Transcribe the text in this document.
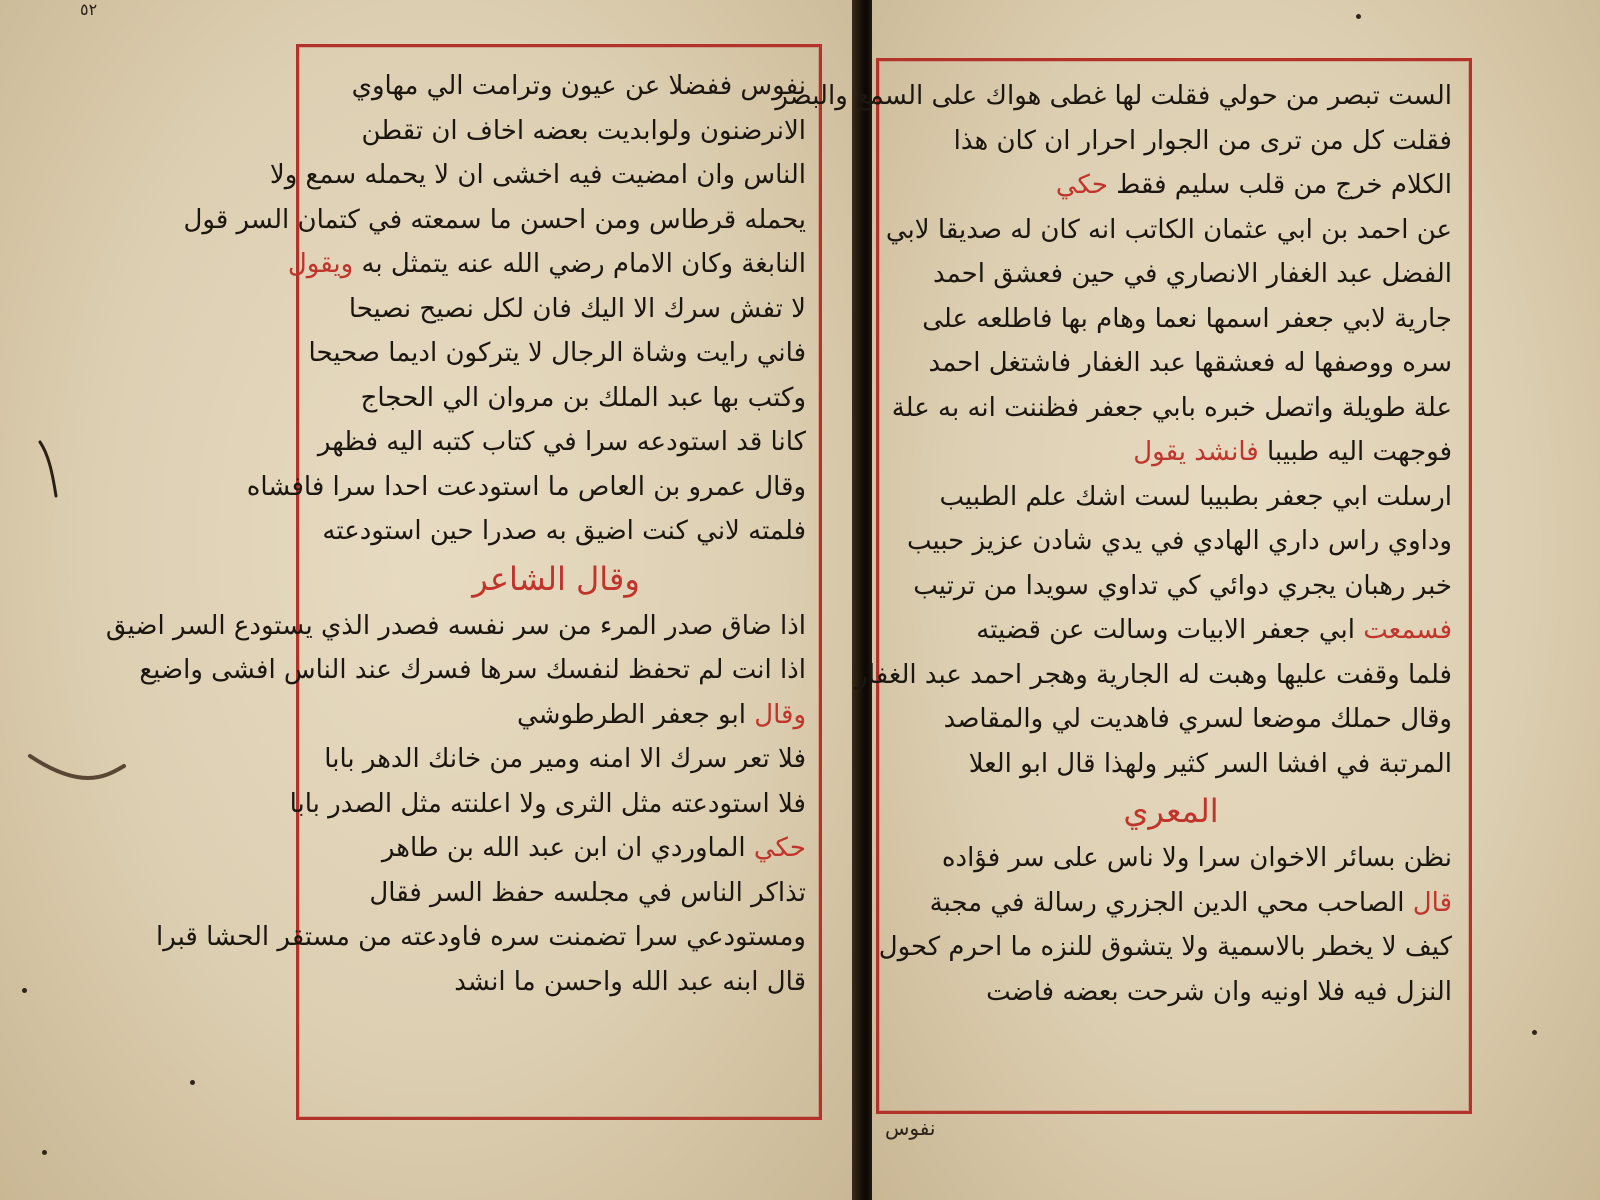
٥٢
نفوس ففضلا عن عيون وترامت الي مهاوي
الانرضنون ولوابديت بعضه اخاف ان تقطن
الناس وان امضيت فيه اخشى ان لا يحمله سمع ولا
يحمله قرطاس ومن احسن ما سمعته في كتمان السر قول
النابغة وكان الامام رضي الله عنه يتمثل به ويقول
لا تفش سرك الا اليك فان لكل نصيح نصيحا
فاني رايت وشاة الرجال لا يتركون اديما صحيحا
وكتب بها عبد الملك بن مروان الي الحجاج
كانا قد استودعه سرا في كتاب كتبه اليه فظهر
وقال عمرو بن العاص ما استودعت احدا سرا فافشاه
فلمته لاني كنت اضيق به صدرا حين استودعته
وقال الشاعر
اذا ضاق صدر المرء من سر نفسه فصدر الذي يستودع السر اضيق
اذا انت لم تحفظ لنفسك سرها فسرك عند الناس افشى واضيع
وقال ابو جعفر الطرطوشي
فلا تعر سرك الا امنه ومير من خانك الدهر بابا
فلا استودعته مثل الثرى ولا اعلنته مثل الصدر بابا
حكي الماوردي ان ابن عبد الله بن طاهر
تذاكر الناس في مجلسه حفظ السر فقال
ومستودعي سرا تضمنت سره فاودعته من مستقر الحشا قبرا
قال ابنه عبد الله واحسن ما انشد
الست تبصر من حولي فقلت لها غطى هواك على السمع والبصر
فقلت كل من ترى من الجوار احرار ان كان هذا
الكلام خرج من قلب سليم فقط حكي
عن احمد بن ابي عثمان الكاتب انه كان له صديقا لابي
الفضل عبد الغفار الانصاري في حين فعشق احمد
جارية لابي جعفر اسمها نعما وهام بها فاطلعه على
سره ووصفها له فعشقها عبد الغفار فاشتغل احمد
علة طويلة واتصل خبره بابي جعفر فظننت انه به علة
فوجهت اليه طبيبا فانشد يقول
ارسلت ابي جعفر بطبيبا لست اشك علم الطبيب
وداوي راس داري الهادي في يدي شادن عزيز حبيب
خبر رهبان يجري دوائي كي تداوي سويدا من ترتيب
فسمعت ابي جعفر الابيات وسالت عن قضيته
فلما وقفت عليها وهبت له الجارية وهجر احمد عبد الغفار
وقال حملك موضعا لسري فاهديت لي والمقاصد
المرتبة في افشا السر كثير ولهذا قال ابو العلا
المعري
نظن بسائر الاخوان سرا ولا ناس على سر فؤاده
قال الصاحب محي الدين الجزري رسالة في مجبة
كيف لا يخطر بالاسمية ولا يتشوق للنزه ما احرم كحول
النزل فيه فلا اونيه وان شرحت بعضه فاضت
نفوس
